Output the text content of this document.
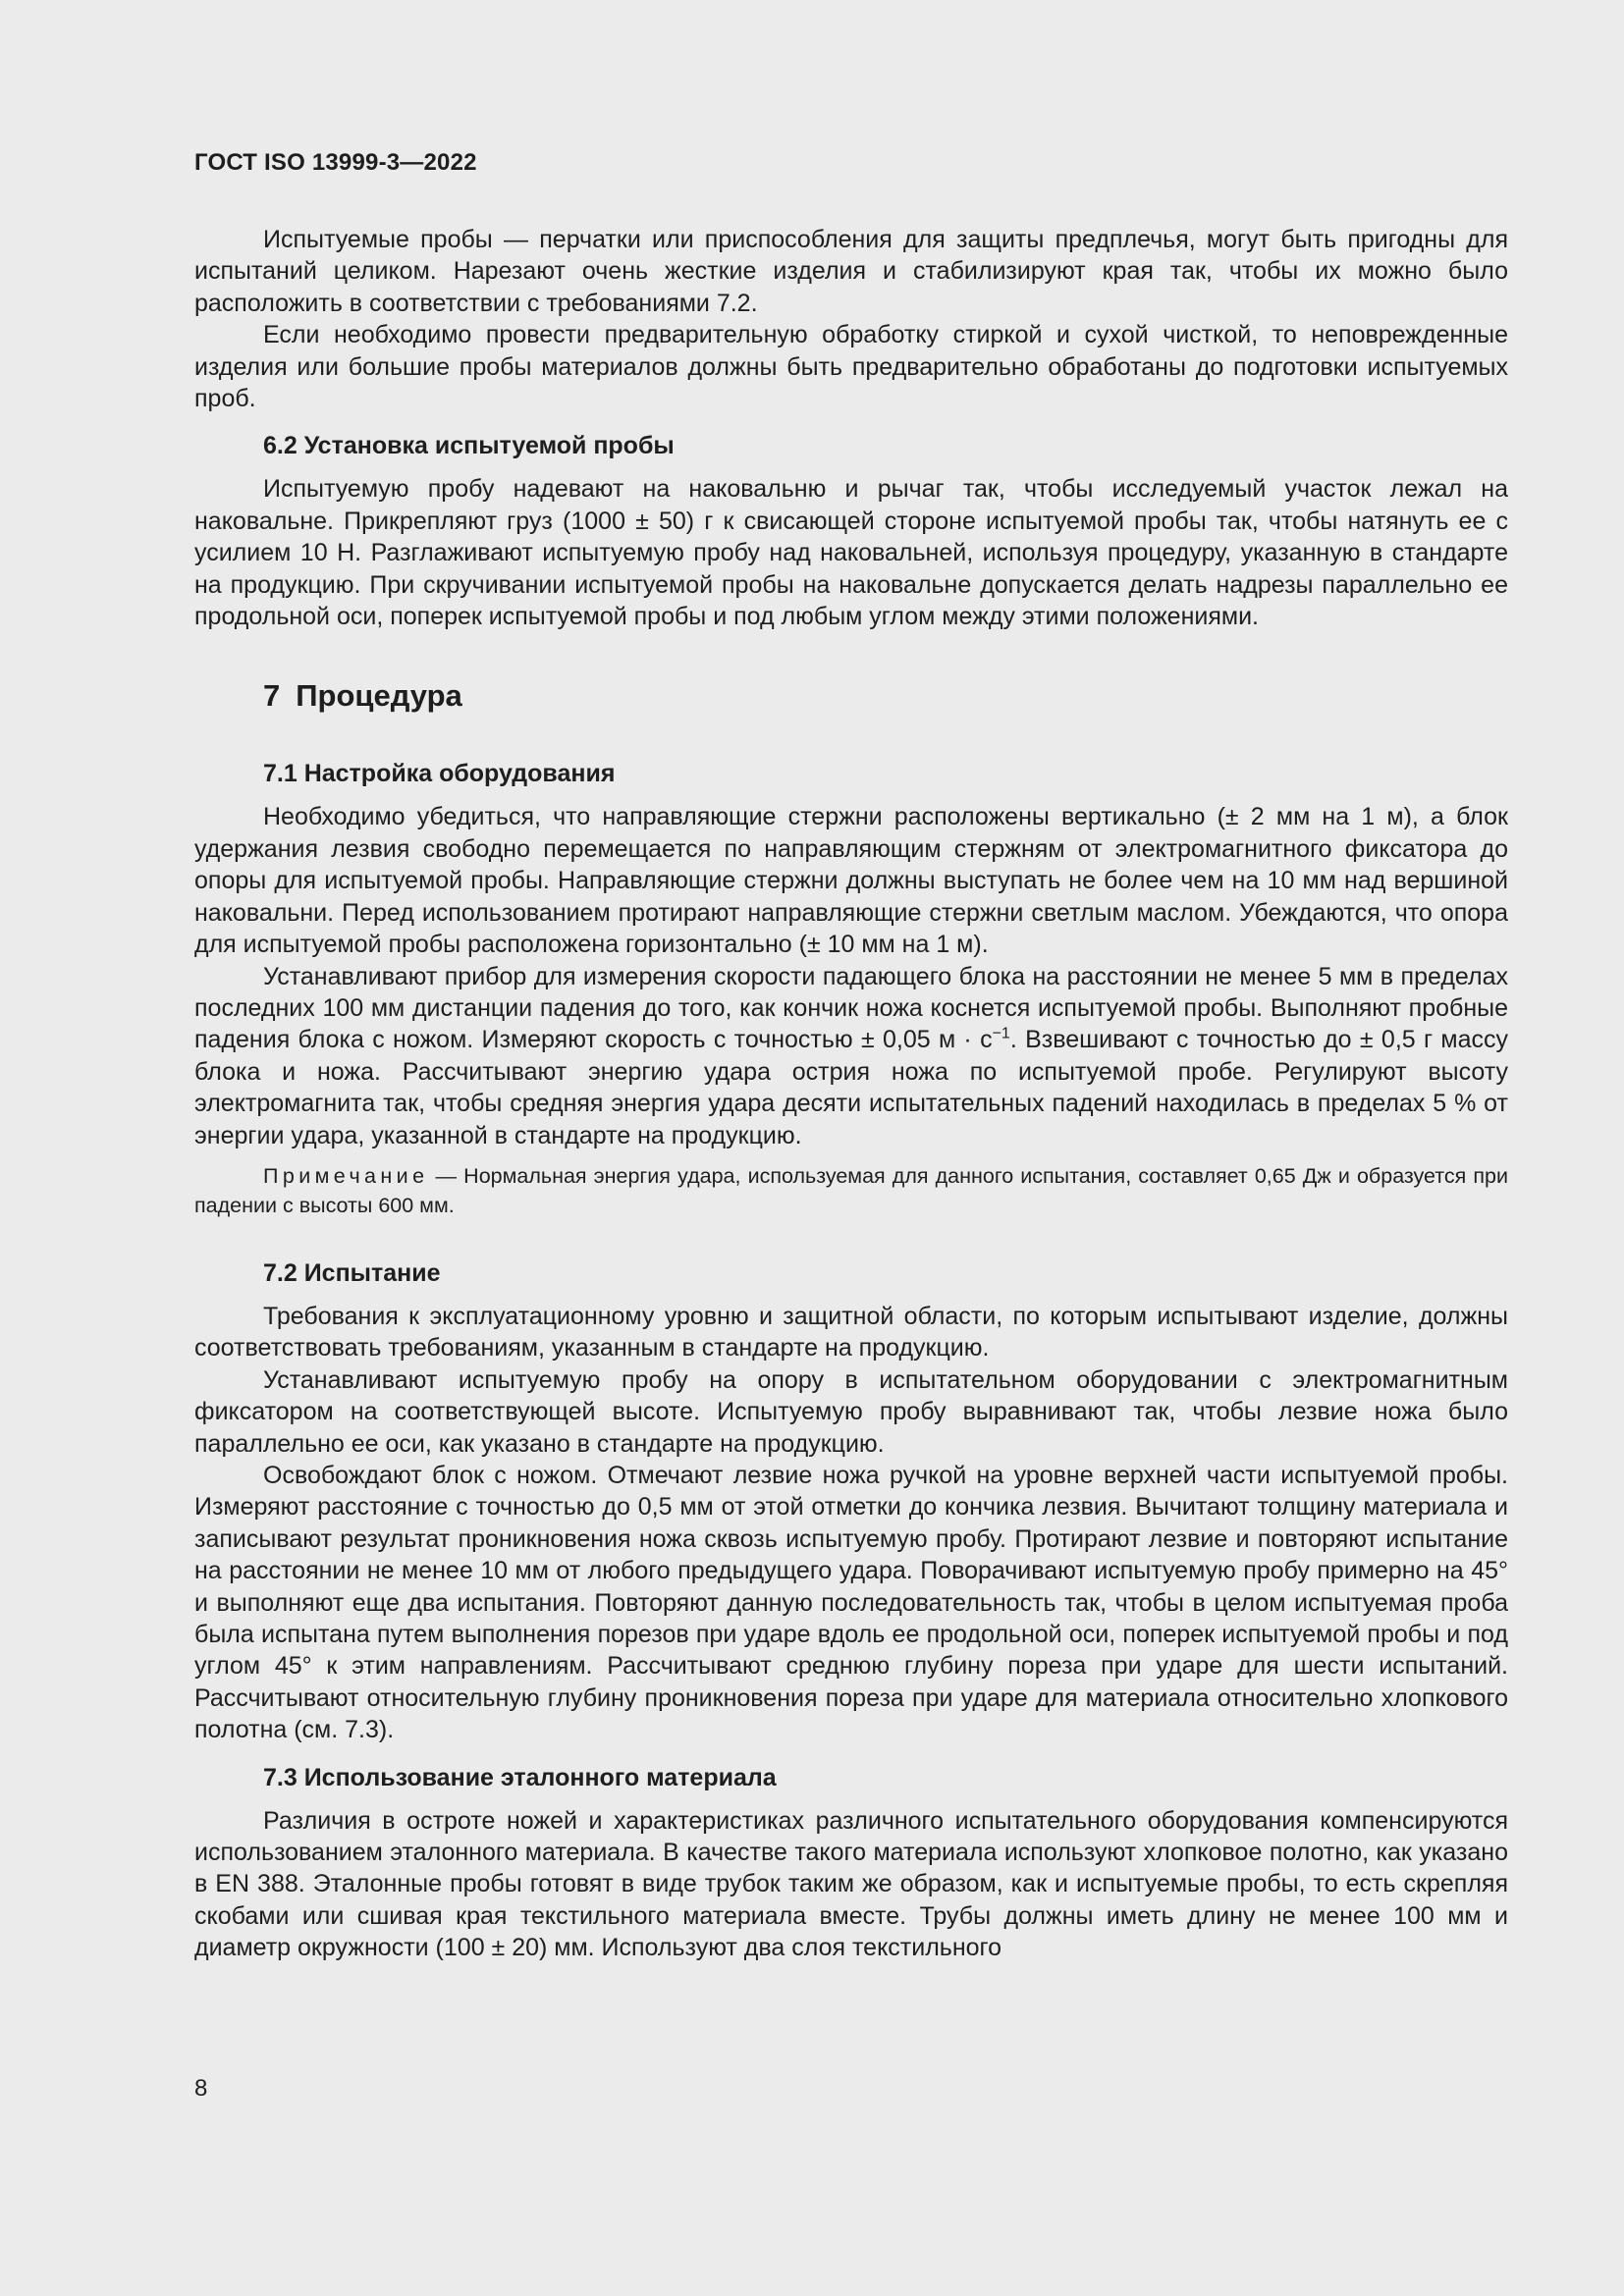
ГОСТ ISO 13999-3—2022

Испытуемые пробы — перчатки или приспособления для защиты предплечья, могут быть пригодны для испытаний целиком. Нарезают очень жесткие изделия и стабилизируют края так, чтобы их можно было расположить в соответствии с требованиями 7.2.

Если необходимо провести предварительную обработку стиркой и сухой чисткой, то неповрежденные изделия или большие пробы материалов должны быть предварительно обработаны до подготовки испытуемых проб.

6.2 Установка испытуемой пробы

Испытуемую пробу надевают на наковальню и рычаг так, чтобы исследуемый участок лежал на наковальне. Прикрепляют груз (1000 ± 50) г к свисающей стороне испытуемой пробы так, чтобы натянуть ее с усилием 10 Н. Разглаживают испытуемую пробу над наковальней, используя процедуру, указанную в стандарте на продукцию. При скручивании испытуемой пробы на наковальне допускается делать надрезы параллельно ее продольной оси, поперек испытуемой пробы и под любым углом между этими положениями.

7 Процедура
7.1 Настройка оборудования

Необходимо убедиться, что направляющие стержни расположены вертикально (± 2 мм на 1 м), а блок удержания лезвия свободно перемещается по направляющим стержням от электромагнитного фиксатора до опоры для испытуемой пробы. Направляющие стержни должны выступать не более чем на 10 мм над вершиной наковальни. Перед использованием протирают направляющие стержни светлым маслом. Убеждаются, что опора для испытуемой пробы расположена горизонтально (± 10 мм на 1 м).

Устанавливают прибор для измерения скорости падающего блока на расстоянии не менее 5 мм в пределах последних 100 мм дистанции падения до того, как кончик ножа коснется испытуемой пробы. Выполняют пробные падения блока с ножом. Измеряют скорость с точностью ± 0,05 $м \cdot с^{-1}$. Взвешивают с точностью до ± 0,5 г массу блока и ножа. Рассчитывают энергию удара острия ножа по испытуемой пробе. Регулируют высоту электромагнита так, чтобы средняя энергия удара десяти испытательных падений находилась в пределах 5 % от энергии удара, указанной в стандарте на продукцию.

Примечание — Нормальная энергия удара, используемая для данного испытания, составляет 0,65 Дж и образуется при падении с высоты 600 мм.
7.2 Испытание

Требования к эксплуатационному уровню и защитной области, по которым испытывают изделие, должны соответствовать требованиям, указанным в стандарте на продукцию.

Устанавливают испытуемую пробу на опору в испытательном оборудовании с электромагнитным фиксатором на соответствующей высоте. Испытуемую пробу выравнивают так, чтобы лезвие ножа было параллельно ее оси, как указано в стандарте на продукцию.

Освобождают блок с ножом. Отмечают лезвие ножа ручкой на уровне верхней части испытуемой пробы. Измеряют расстояние с точностью до 0,5 мм от этой отметки до кончика лезвия. Вычитают толщину материала и записывают результат проникновения ножа сквозь испытуемую пробу. Протирают лезвие и повторяют испытание на расстоянии не менее 10 мм от любого предыдущего удара. Поворачивают испытуемую пробу примерно на 45° и выполняют еще два испытания. Повторяют данную последовательность так, чтобы в целом испытуемая проба была испытана путем выполнения порезов при ударе вдоль ее продольной оси, поперек испытуемой пробы и под углом 45° к этим направлениям. Рассчитывают среднюю глубину пореза при ударе для шести испытаний. Рассчитывают относительную глубину проникновения пореза при ударе для материала относительно хлопкового полотна (см. 7.3).

7.3 Использование эталонного материала

Различия в остроте ножей и характеристиках различного испытательного оборудования компенсируются использованием эталонного материала. В качестве такого материала используют хлопковое полотно, как указано в EN 388. Эталонные пробы готовят в виде трубок таким же образом, как и испытуемые пробы, то есть скрепляя скобами или сшивая края текстильного материала вместе. Трубы должны иметь длину не менее 100 мм и диаметр окружности (100 ± 20) мм. Используют два слоя текстильного

8
